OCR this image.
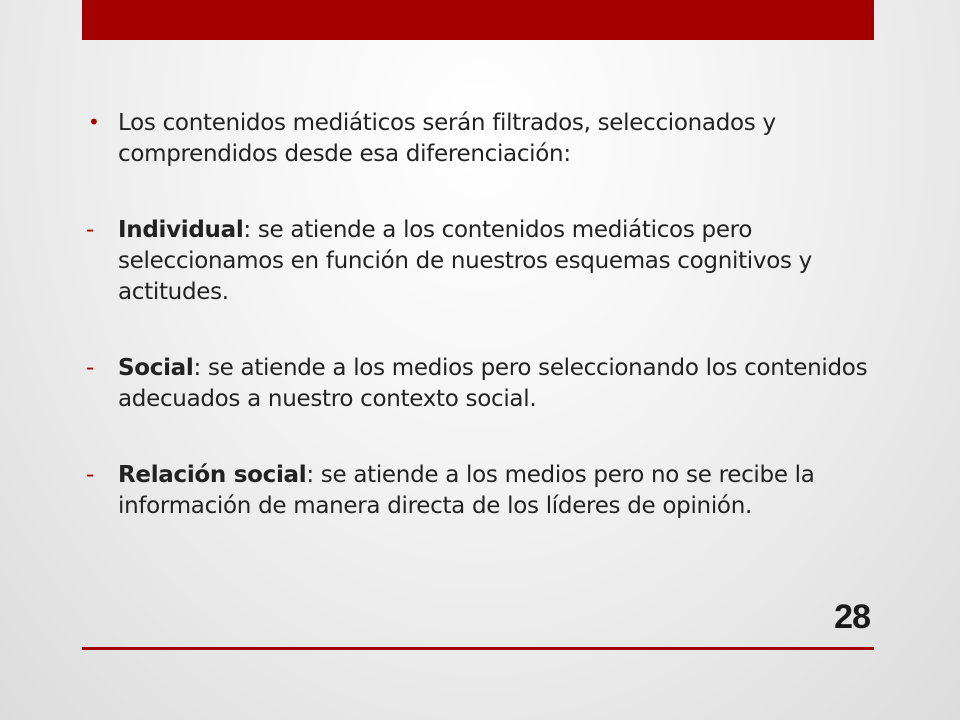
• Los contenidos mediáticos serán filtrados, seleccionados y comprendidos desde esa diferenciación:
- Individual: se atiende a los contenidos mediáticos pero seleccionamos en función de nuestros esquemas cognitivos y actitudes.
- Social: se atiende a los medios pero seleccionando los contenidos adecuados a nuestro contexto social.
- Relación social: se atiende a los medios pero no se recibe la información de manera directa de los líderes de opinión.
28
